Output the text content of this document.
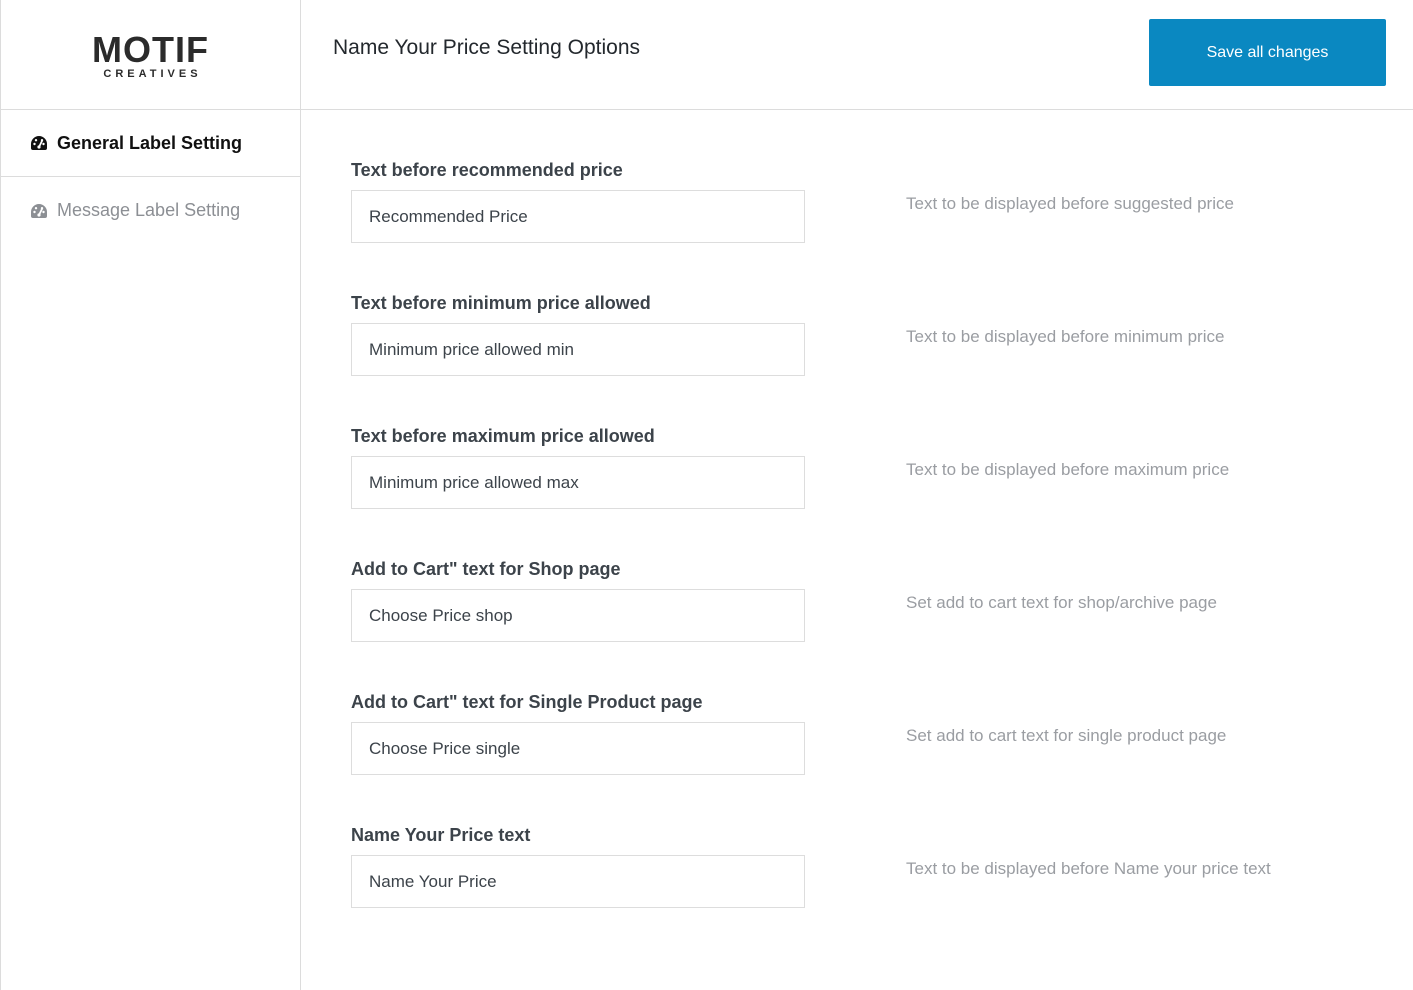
MOTIF
CREATIVES
General Label Setting
Message Label Setting
Name Your Price Setting Options	Save all changes
Text before recommended price
Recommended Price
Text to be displayed before suggested price
Text before minimum price allowed
Minimum price allowed min
Text to be displayed before minimum price
Text before maximum price allowed
Minimum price allowed max
Text to be displayed before maximum price
Add to Cart" text for Shop page
Choose Price shop
Set add to cart text for shop/archive page
Add to Cart" text for Single Product page
Choose Price single
Set add to cart text for single product page
Name Your Price text
Name Your Price
Text to be displayed before Name your price text
